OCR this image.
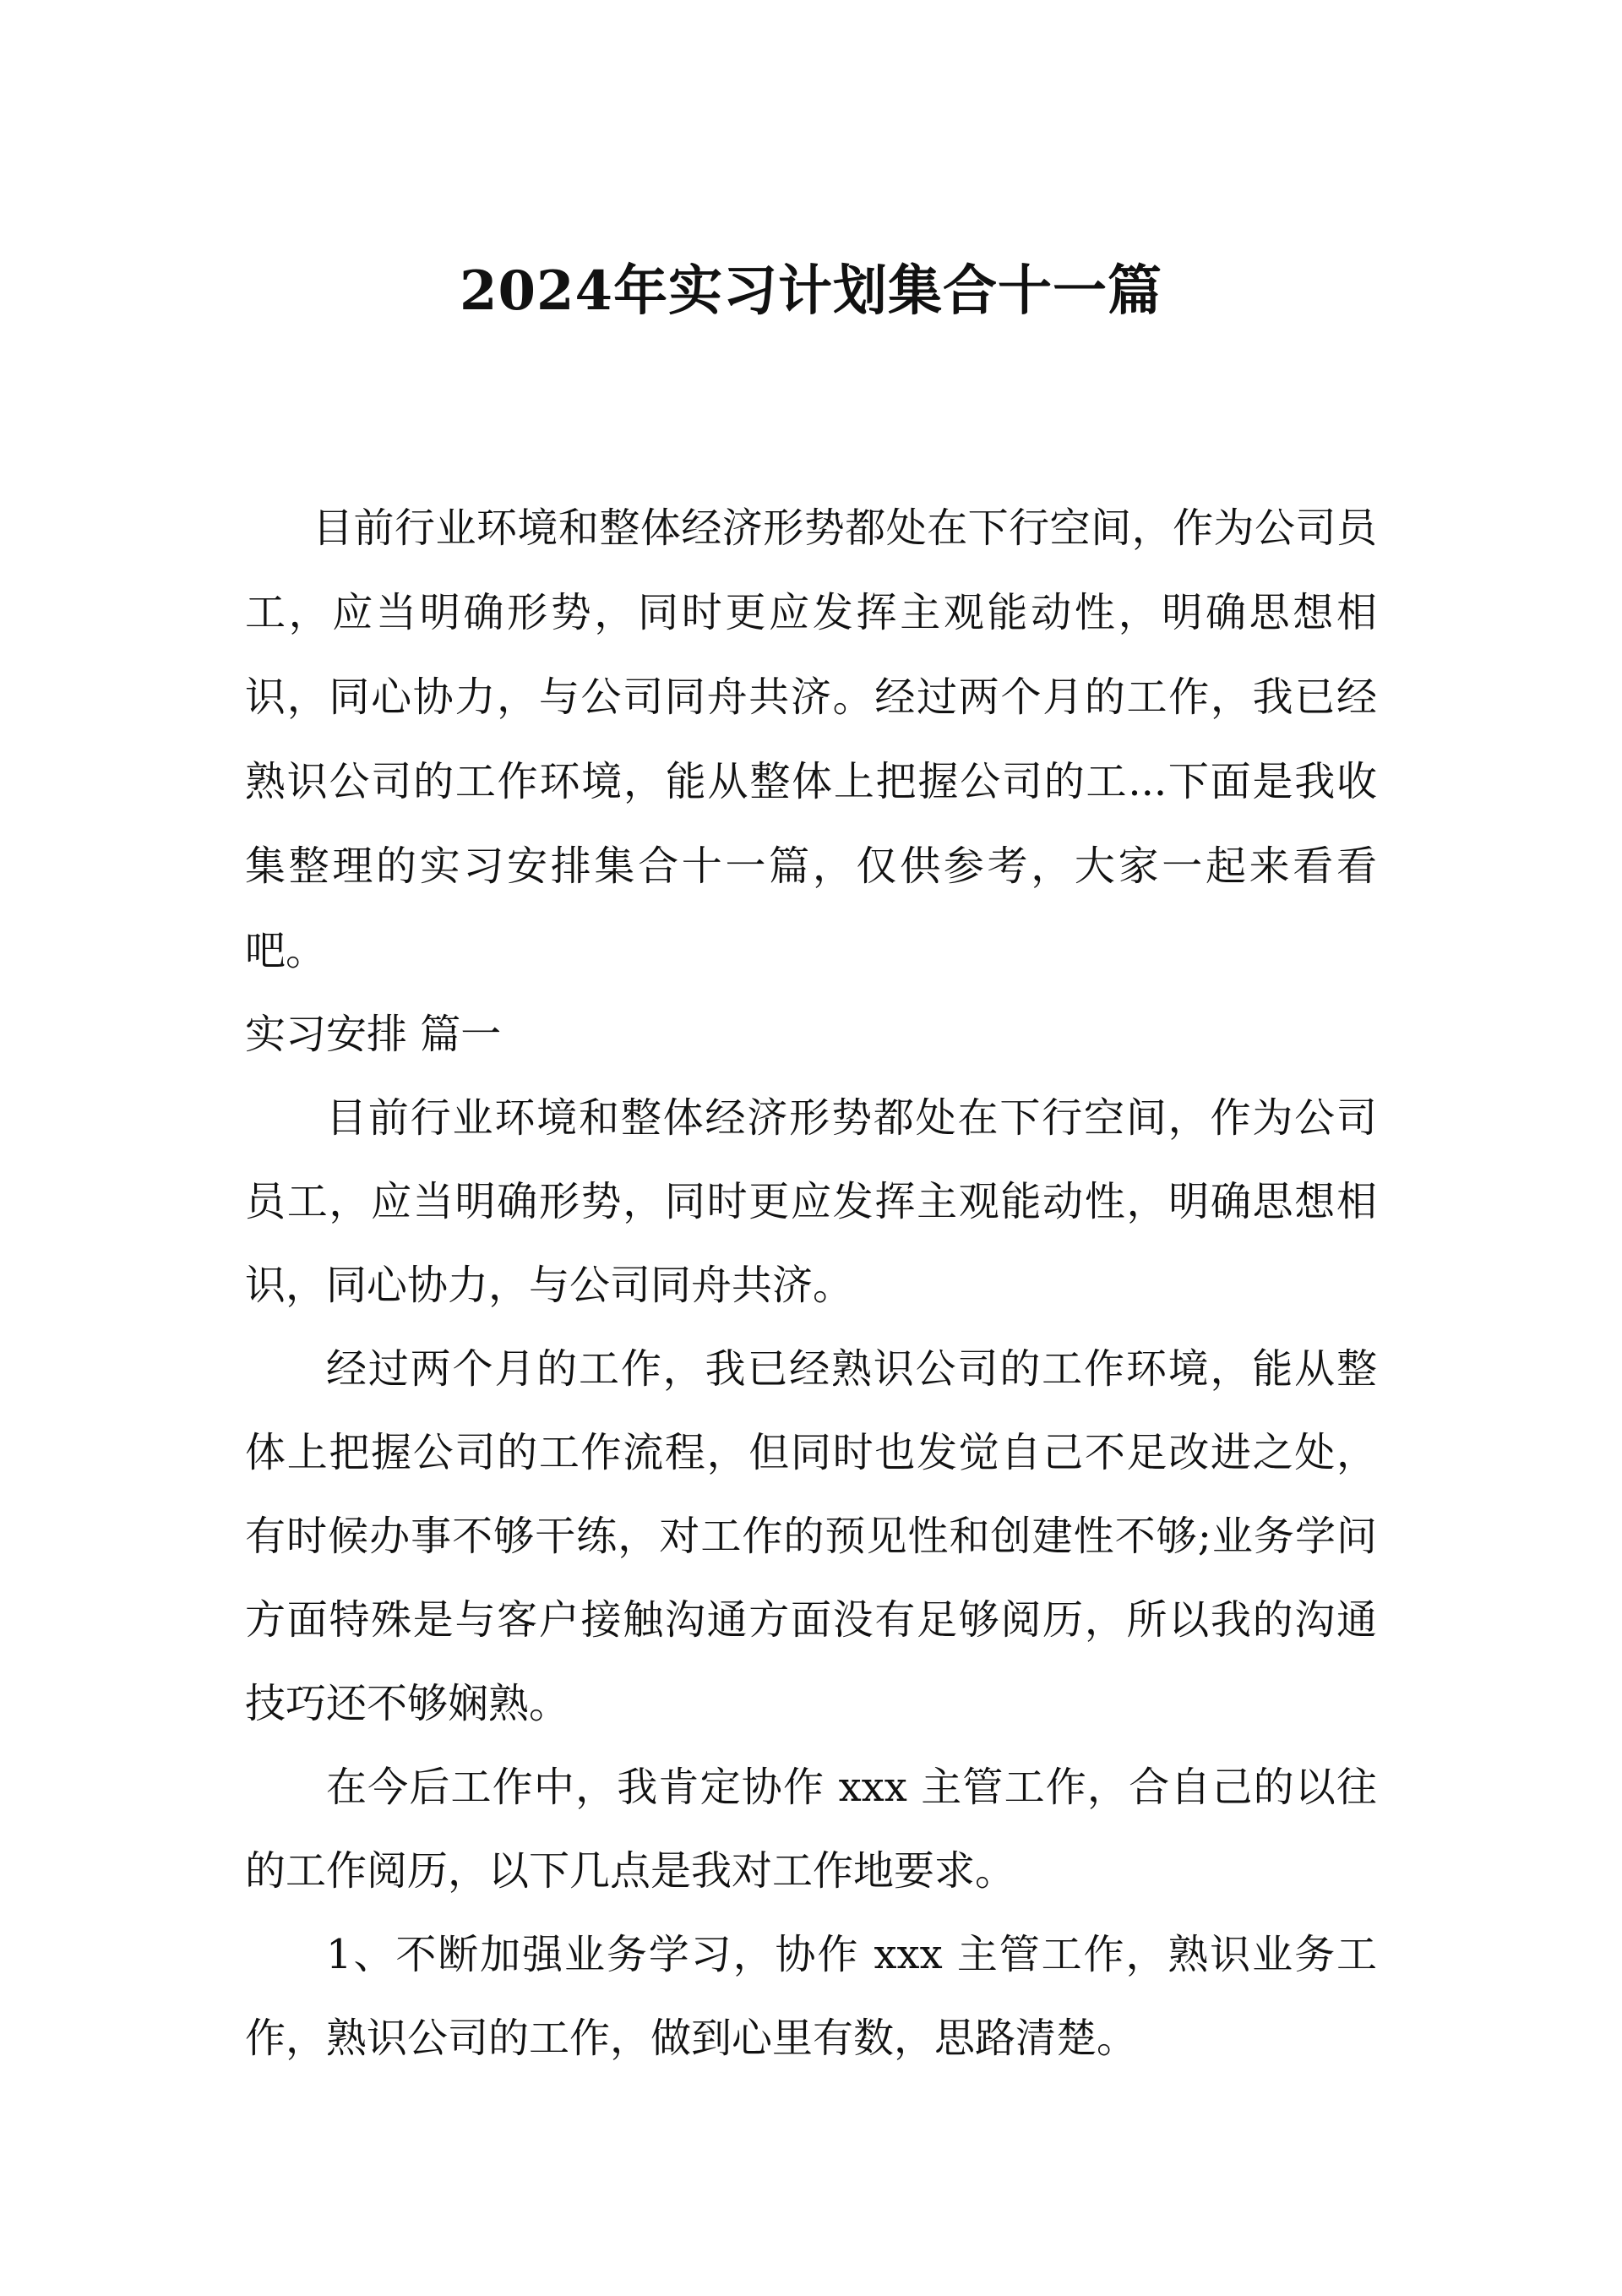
2024年实习计划集合十一篇

目前行业环境和整体经济形势都处在下行空间，作为公司员工，应当明确形势，同时更应发挥主观能动性，明确思想相识，同心协力，与公司同舟共济。经过两个月的工作，我已经熟识公司的工作环境，能从整体上把握公司的工...下面是我收集整理的实习安排集合十一篇，仅供参考，大家一起来看看吧。

实习安排 篇一

目前行业环境和整体经济形势都处在下行空间，作为公司员工，应当明确形势，同时更应发挥主观能动性，明确思想相识，同心协力，与公司同舟共济。

经过两个月的工作，我已经熟识公司的工作环境，能从整体上把握公司的工作流程，但同时也发觉自己不足改进之处，有时候办事不够干练，对工作的预见性和创建性不够;业务学问方面特殊是与客户接触沟通方面没有足够阅历，所以我的沟通技巧还不够娴熟。

在今后工作中，我肯定协作 xxx 主管工作，合自己的以往的工作阅历，以下几点是我对工作地要求。

1、不断加强业务学习，协作 xxx 主管工作，熟识业务工作，熟识公司的工作，做到心里有数，思路清楚。
